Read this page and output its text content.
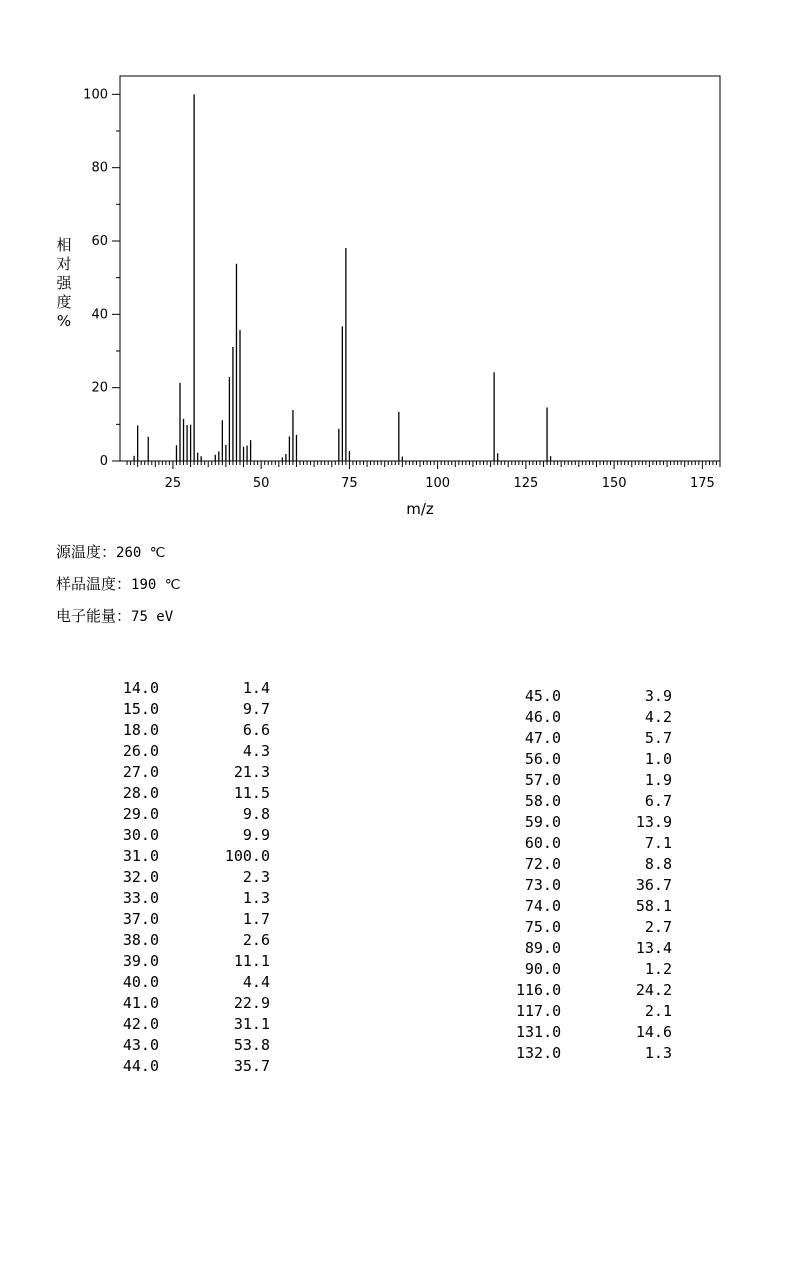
0
20
40
60
80
100
25	50	75	100	125	150	175
m/z
相
对
强
度
%
源温度：260 ℃
样品温度：190 ℃
电子能量：75 eV
14.0	1.4
15.0	9.7
18.0	6.6
26.0	4.3
27.0	21.3
28.0	11.5
29.0	9.8
30.0	9.9
31.0	100.0
32.0	2.3
33.0	1.3
37.0	1.7
38.0	2.6
39.0	11.1
40.0	4.4
41.0	22.9
42.0	31.1
43.0	53.8
44.0	35.7
45.0	3.9
46.0	4.2
47.0	5.7
56.0	1.0
57.0	1.9
58.0	6.7
59.0	13.9
60.0	7.1
72.0	8.8
73.0	36.7
74.0	58.1
75.0	2.7
89.0	13.4
90.0	1.2
116.0	24.2
117.0	2.1
131.0	14.6
132.0	1.3
